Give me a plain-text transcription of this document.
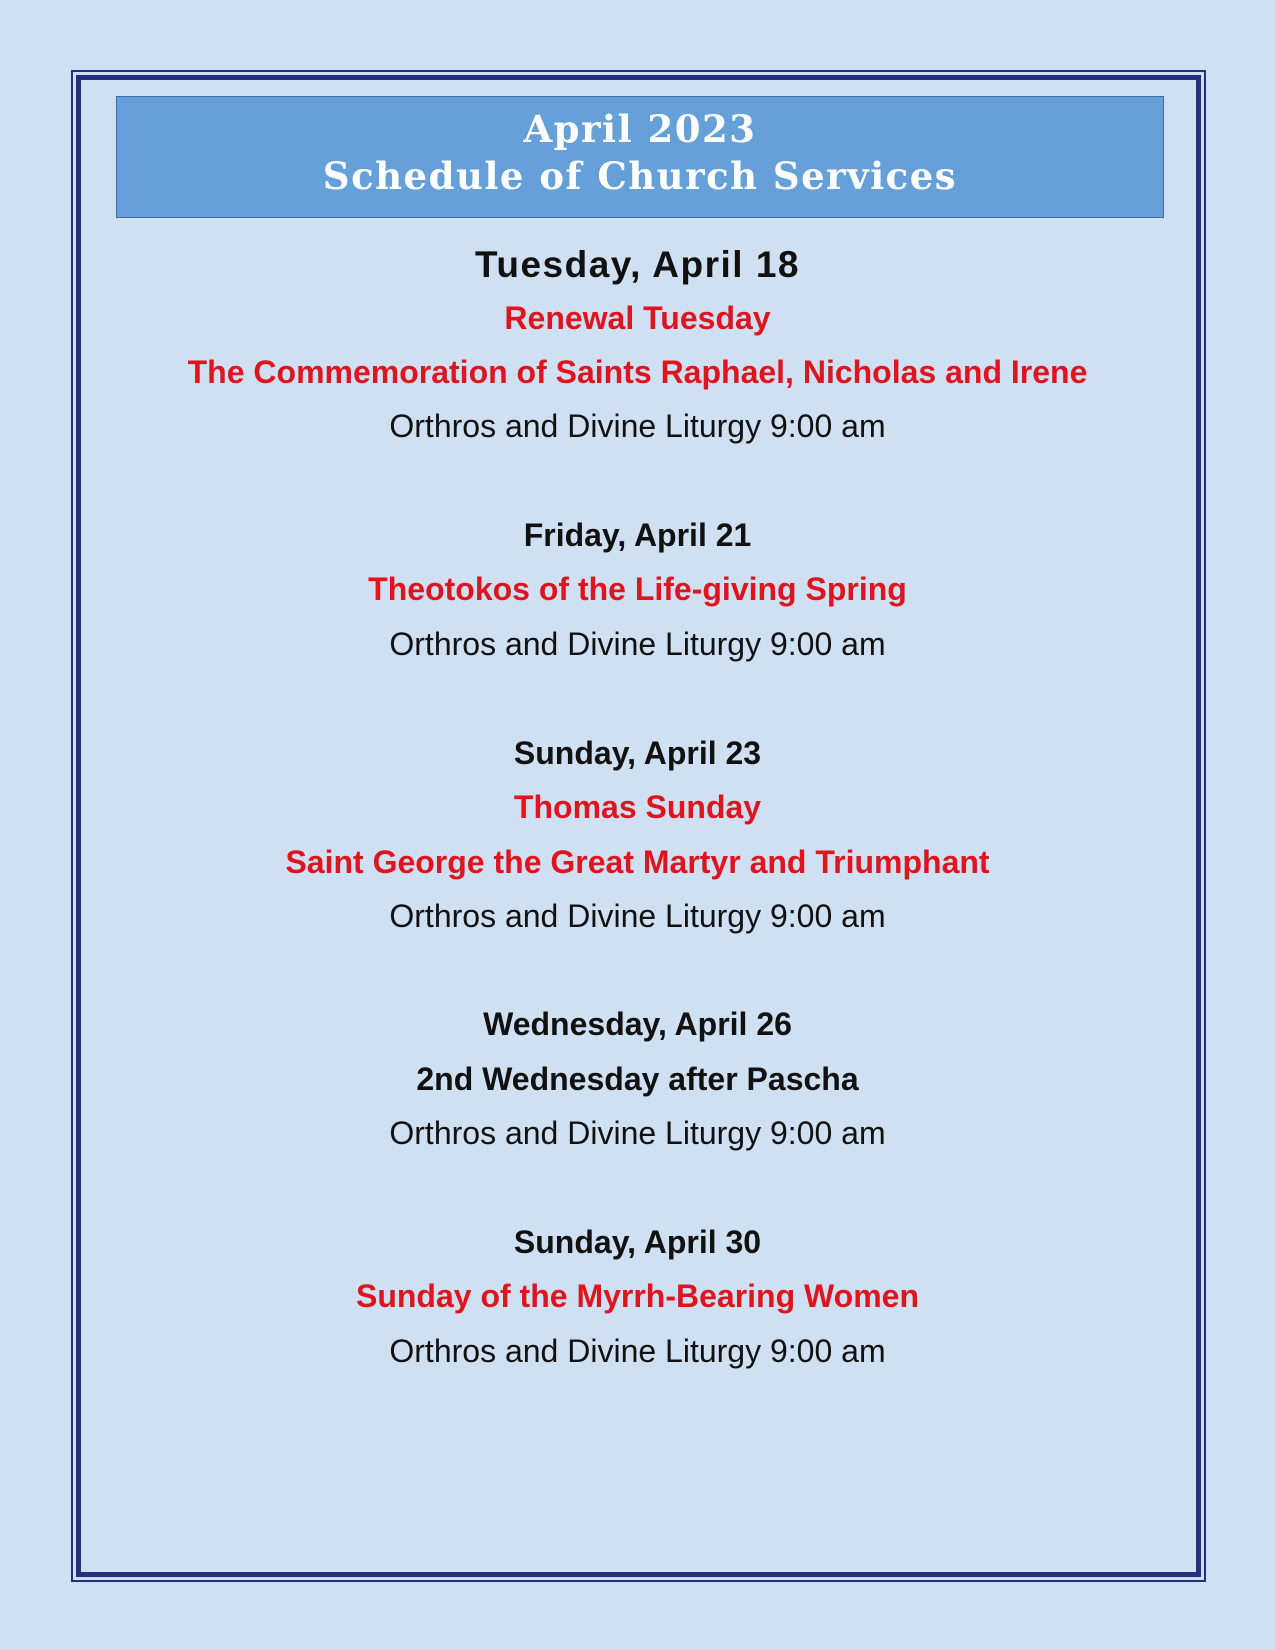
April 2023
Schedule of Church Services
Tuesday, April 18
Renewal Tuesday
The Commemoration of Saints Raphael, Nicholas and Irene
Orthros and Divine Liturgy 9:00 am
Friday, April 21
Theotokos of the Life-giving Spring
Orthros and Divine Liturgy 9:00 am
Sunday, April 23
Thomas Sunday
Saint George the Great Martyr and Triumphant
Orthros and Divine Liturgy 9:00 am
Wednesday, April 26
2nd Wednesday after Pascha
Orthros and Divine Liturgy 9:00 am
Sunday, April 30
Sunday of the Myrrh-Bearing Women
Orthros and Divine Liturgy 9:00 am
